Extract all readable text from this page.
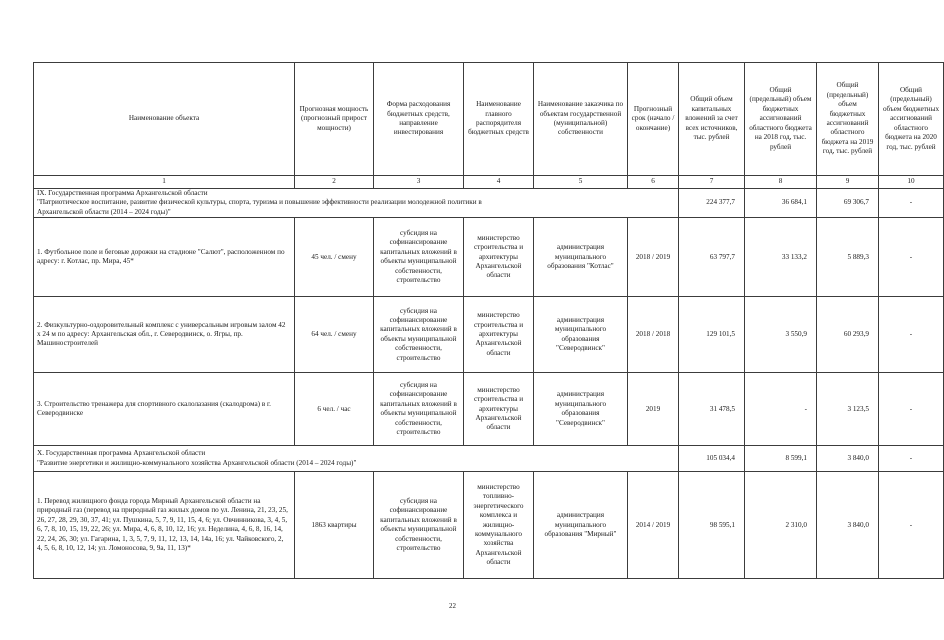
Наименование объекта	Прогнозная мощность (прогнозный прирост мощности)	Форма расходования бюджетных средств, направление инвестирования	Наименование главного распорядителя бюджетных средств	Наименование заказчика по объектам государственной (муниципальной) собственности	Прогнозный срок (начало / окончание)	Общий объем капитальных вложений за счет всех источников, тыс. рублей	Общий (предельный) объем бюджетных ассигнований областного бюджета на 2018 год, тыс. рублей	Общий (предельный) объем бюджетных ассигнований областного бюджета на 2019 год, тыс. рублей	Общий (предельный) объем бюджетных ассигнований областного бюджета на 2020 год, тыс. рублей
1	2	3	4	5	6	7	8	9	10

IX. Государственная программа Архангельской области
"Патриотическое воспитание, развитие физической культуры, спорта, туризма и повышение эффективности реализации молодежной политики в Архангельской области (2014 – 2024 годы)"						224 377,7	36 684,1	69 306,7	-
1. Футбольное поле и беговые дорожки на стадионе "Салют", расположенном по адресу: г. Котлас, пр. Мира, 45*	45 чел. / смену	субсидия на софинансирование капитальных вложений в объекты муниципальной собственности, строительство	министерство строительства и архитектуры Архангельской области	администрация муниципального образования "Котлас"	2018 / 2019	63 797,7	33 133,2	5 889,3	-
2. Физкультурно-оздоровительный комплекс с универсальным игровым залом 42 х 24 м по адресу: Архангельская обл., г. Северодвинск, о. Ягры, пр. Машиностроителей	64 чел. / смену	субсидия на софинансирование капитальных вложений в объекты муниципальной собственности, строительство	министерство строительства и архитектуры Архангельской области	администрация муниципального образования "Северодвинск"	2018 / 2018	129 101,5	3 550,9	60 293,9	-
3. Строительство тренажера для спортивного скалолазания (скалодрома) в г. Северодвинске	6 чел. / час	субсидия на софинансирование капитальных вложений в объекты муниципальной собственности, строительство	министерство строительства и архитектуры Архангельской области	администрация муниципального образования "Северодвинск"	2019	31 478,5	-	3 123,5	-

X. Государственная программа Архангельской области
"Развитие энергетики и жилищно-коммунального хозяйства Архангельской области (2014 – 2024 годы)"						105 034,4	8 599,1	3 840,0	-
1. Перевод жилищного фонда города Мирный Архангельской области на природный газ (перевод на природный газ жилых домов по ул. Ленина, 21, 23, 25, 26, 27, 28, 29, 30, 37, 41; ул. Пушкина, 5, 7, 9, 11, 15, 4, 6; ул. Овчинникова, 3, 4, 5, 6, 7, 8, 10, 15, 19, 22, 26; ул. Мира, 4, 6, 8, 10, 12, 16; ул. Неделина, 4, 6, 8, 16, 14, 22, 24, 26, 30; ул. Гагарина, 1, 3, 5, 7, 9, 11, 12, 13, 14, 14а, 16; ул. Чайковского, 2, 4, 5, 6, 8, 10, 12, 14; ул. Ломоносова, 9, 9а, 11, 13)*	1863 квартиры	субсидия на софинансирование капитальных вложений в объекты муниципальной собственности, строительство	министерство топливно-энергетического комплекса и жилищно-коммунального хозяйства Архангельской области	администрация муниципального образования "Мирный"	2014 / 2019	98 595,1	2 310,0	3 840,0	-
22
